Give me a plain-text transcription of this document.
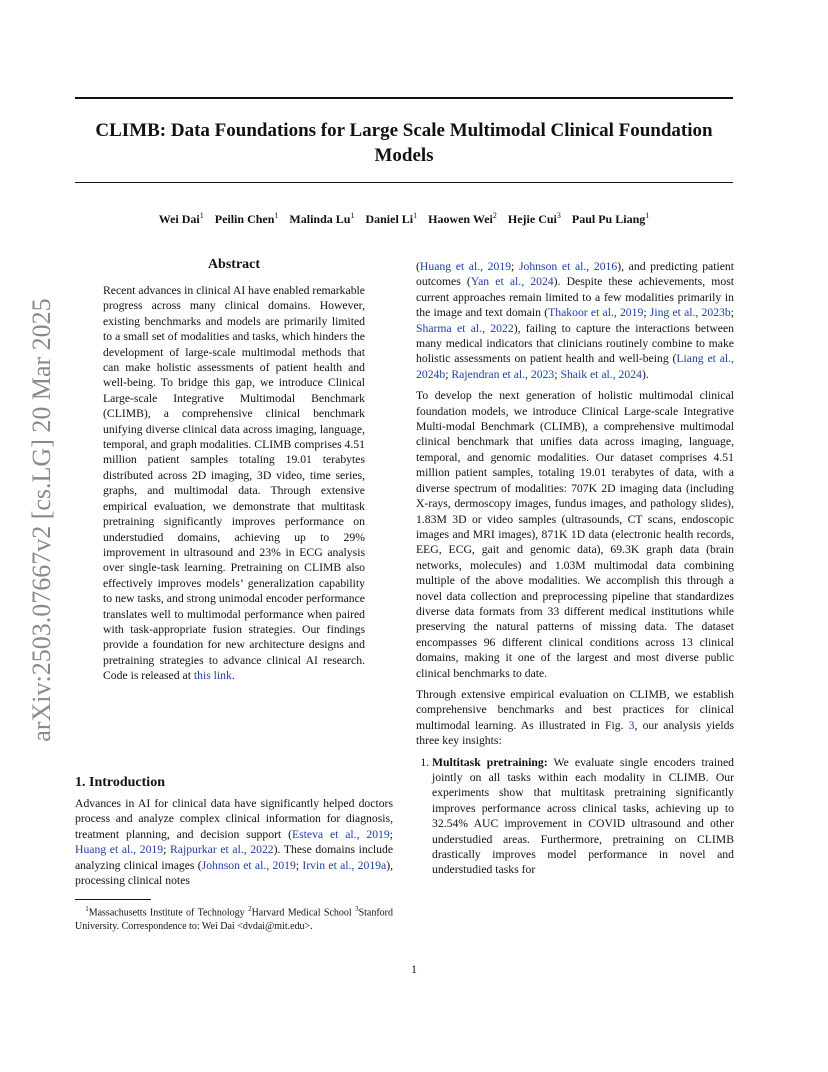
CLIMB: Data Foundations for Large Scale Multimodal Clinical Foundation Models
Wei Dai$^1$ Peilin Chen$^1$ Malinda Lu$^1$ Daniel Li$^1$ Haowen Wei$^2$ Hejie Cui$^3$ Paul Pu Liang$^1$
arXiv:2503.07667v2 [cs.LG] 20 Mar 2025
Abstract

Recent advances in clinical AI have enabled remarkable progress across many clinical domains. However, existing benchmarks and models are primarily limited to a small set of modalities and tasks, which hinders the development of large-scale multimodal methods that can make holistic assessments of patient health and well-being. To bridge this gap, we introduce Clinical Large-scale Integrative Multimodal Benchmark (CLIMB), a comprehensive clinical benchmark unifying diverse clinical data across imaging, language, temporal, and graph modalities. CLIMB comprises 4.51 million patient samples totaling 19.01 terabytes distributed across 2D imaging, 3D video, time series, graphs, and multimodal data. Through extensive empirical evaluation, we demonstrate that multitask pretraining significantly improves performance on understudied domains, achieving up to 29% improvement in ultrasound and 23% in ECG analysis over single-task learning. Pretraining on CLIMB also effectively improves models’ generalization capability to new tasks, and strong unimodal encoder performance translates well to multimodal performance when paired with task-appropriate fusion strategies. Our findings provide a foundation for new architecture designs and pretraining strategies to advance clinical AI research. Code is released at this link.

1. Introduction

Advances in AI for clinical data have significantly helped doctors process and analyze complex clinical information for diagnosis, treatment planning, and decision support (Esteva et al., 2019; Huang et al., 2019; Rajpurkar et al., 2022). These domains include analyzing clinical images (Johnson et al., 2019; Irvin et al., 2019a), processing clinical notes

$^1$Massachusetts Institute of Technology $^2$Harvard Medical School $^3$Stanford University. Correspondence to: Wei Dai <dvdai@mit.edu>.

(Huang et al., 2019; Johnson et al., 2016), and predicting patient outcomes (Yan et al., 2024). Despite these achievements, most current approaches remain limited to a few modalities primarily in the image and text domain (Thakoor et al., 2019; Jing et al., 2023b; Sharma et al., 2022), failing to capture the interactions between many medical indicators that clinicians routinely combine to make holistic assessments on patient health and well-being (Liang et al., 2024b; Rajendran et al., 2023; Shaik et al., 2024).

To develop the next generation of holistic multimodal clinical foundation models, we introduce Clinical Large-scale Integrative Multi-modal Benchmark (CLIMB), a comprehensive multimodal clinical benchmark that unifies data across imaging, language, temporal, and genomic modalities. Our dataset comprises 4.51 million patient samples, totaling 19.01 terabytes of data, with a diverse spectrum of modalities: 707K 2D imaging data (including X-rays, dermoscopy images, fundus images, and pathology slides), 1.83M 3D or video samples (ultrasounds, CT scans, endoscopic images and MRI images), 871K 1D data (electronic health records, EEG, ECG, gait and genomic data), 69.3K graph data (brain networks, molecules) and 1.03M multimodal data combining multiple of the above modalities. We accomplish this through a novel data collection and preprocessing pipeline that standardizes diverse data formats from 33 different medical institutions while preserving the natural patterns of missing data. The dataset encompasses 96 different clinical conditions across 13 clinical domains, making it one of the largest and most diverse public clinical benchmarks to date.

Through extensive empirical evaluation on CLIMB, we establish comprehensive benchmarks and best practices for clinical multimodal learning. As illustrated in Fig. 3, our analysis yields three key insights:

1. Multitask pretraining: We evaluate single encoders trained jointly on all tasks within each modality in CLIMB. Our experiments show that multitask pretraining significantly improves performance across clinical tasks, achieving up to 32.54% AUC improvement in COVID ultrasound and other understudied areas. Furthermore, pretraining on CLIMB drastically improves model performance in novel and understudied tasks for
1
